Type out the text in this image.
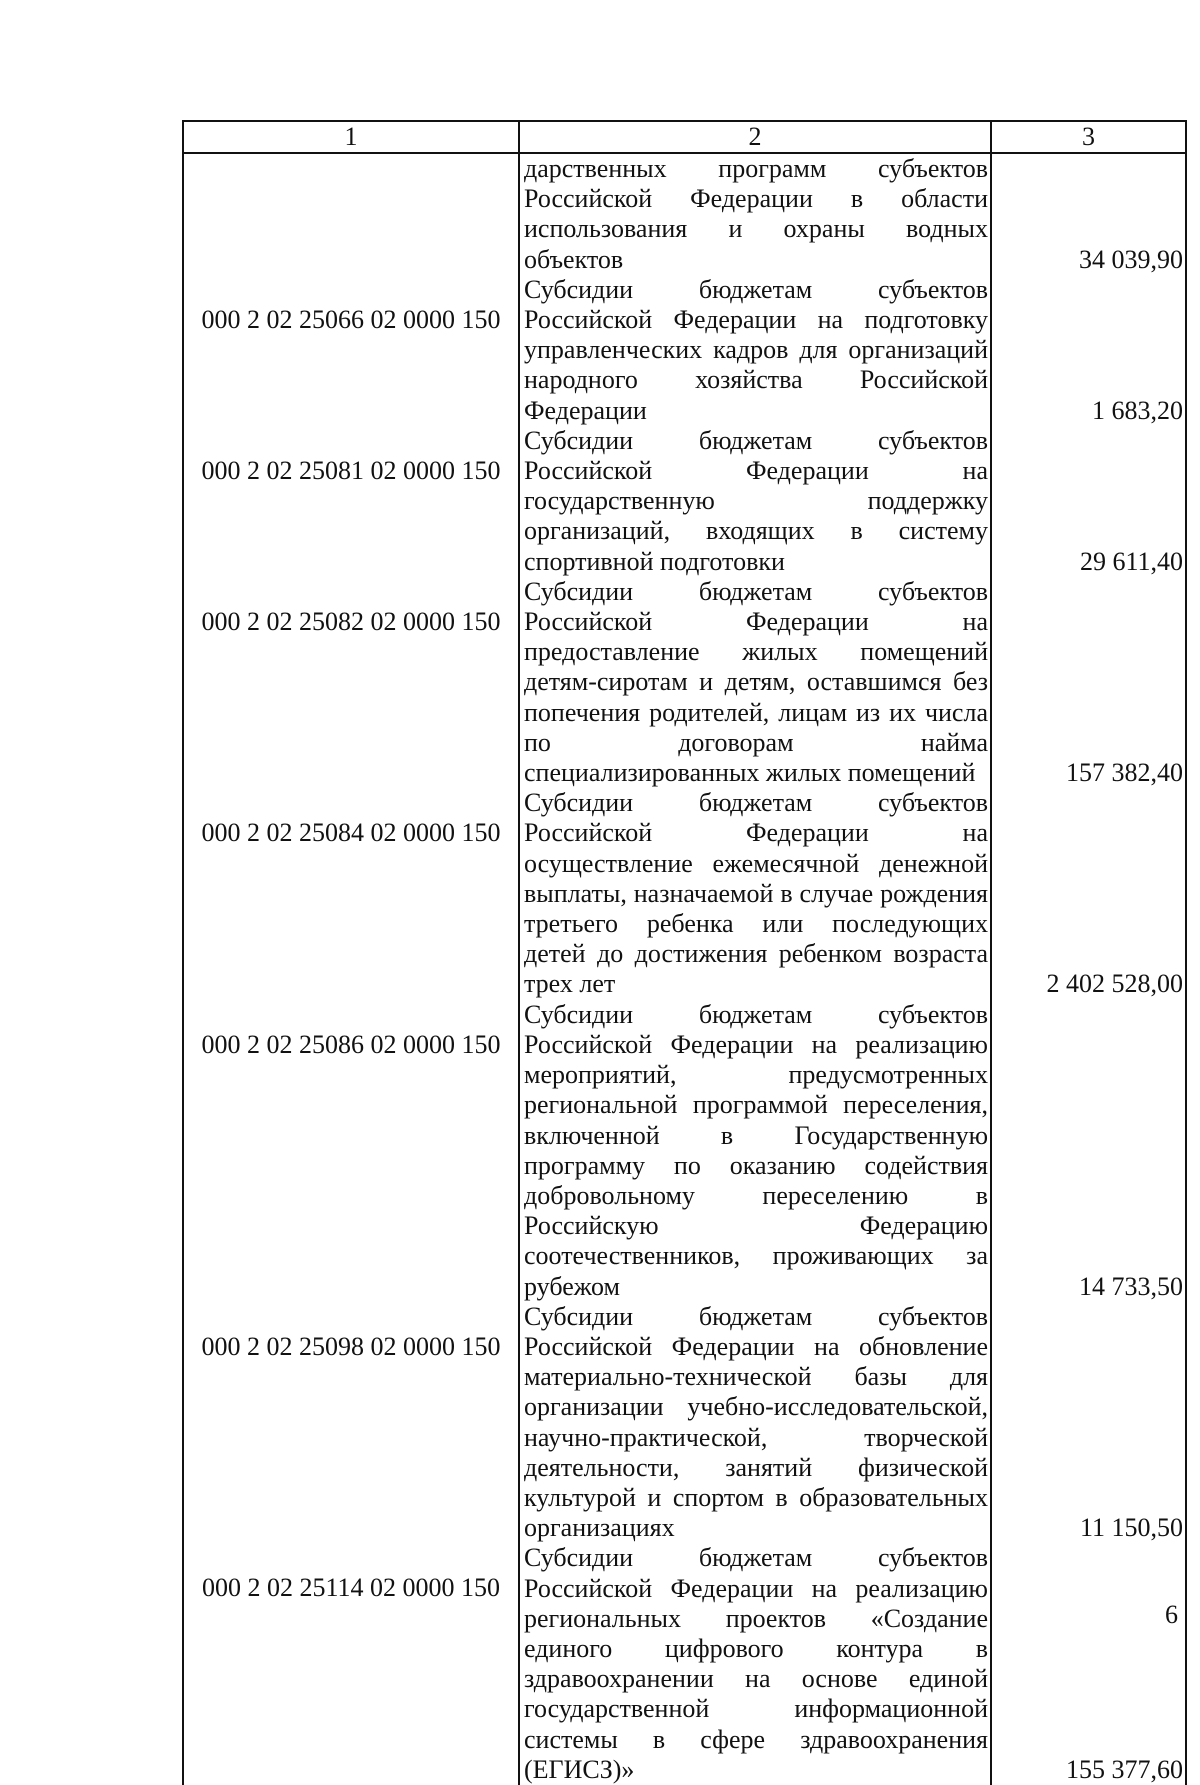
1	2	3
	дарственных программ субъектов Российской Федерации в области использования и охраны водных объектов	34 039,90
000 2 02 25066 02 0000 150	Субсидии бюджетам субъектов Российской Федерации на подготовку управленческих кадров для организаций народного хозяйства Российской Федерации	1 683,20
000 2 02 25081 02 0000 150	Субсидии бюджетам субъектов Российской Федерации на государственную поддержку организаций, входящих в систему спортивной подготовки	29 611,40
000 2 02 25082 02 0000 150	Субсидии бюджетам субъектов Российской Федерации на предоставление жилых помещений детям-сиротам и детям, оставшимся без попечения родителей, лицам из их числа по договорам найма специализированных жилых помещений	157 382,40
000 2 02 25084 02 0000 150	Субсидии бюджетам субъектов Российской Федерации на осуществление ежемесячной денежной выплаты, назначаемой в случае рождения третьего ребенка или последующих детей до достижения ребенком возраста трех лет	2 402 528,00
000 2 02 25086 02 0000 150	Субсидии бюджетам субъектов Российской Федерации на реализацию мероприятий, предусмотренных региональной программой переселения, включенной в Государственную программу по оказанию содействия добровольному переселению в Российскую Федерацию соотечественников, проживающих за рубежом	14 733,50
000 2 02 25098 02 0000 150	Субсидии бюджетам субъектов Российской Федерации на обновление материально-технической базы для организации учебно-исследовательской, научно-практической, творческой деятельности, занятий физической культурой и спортом в образовательных организациях	11 150,50
000 2 02 25114 02 0000 150	Субсидии бюджетам субъектов Российской Федерации на реализацию региональных проектов «Создание единого цифрового контура в здравоохранении на основе единой государственной информационной системы в сфере здравоохранения (ЕГИСЗ)»	155 377,60
6
